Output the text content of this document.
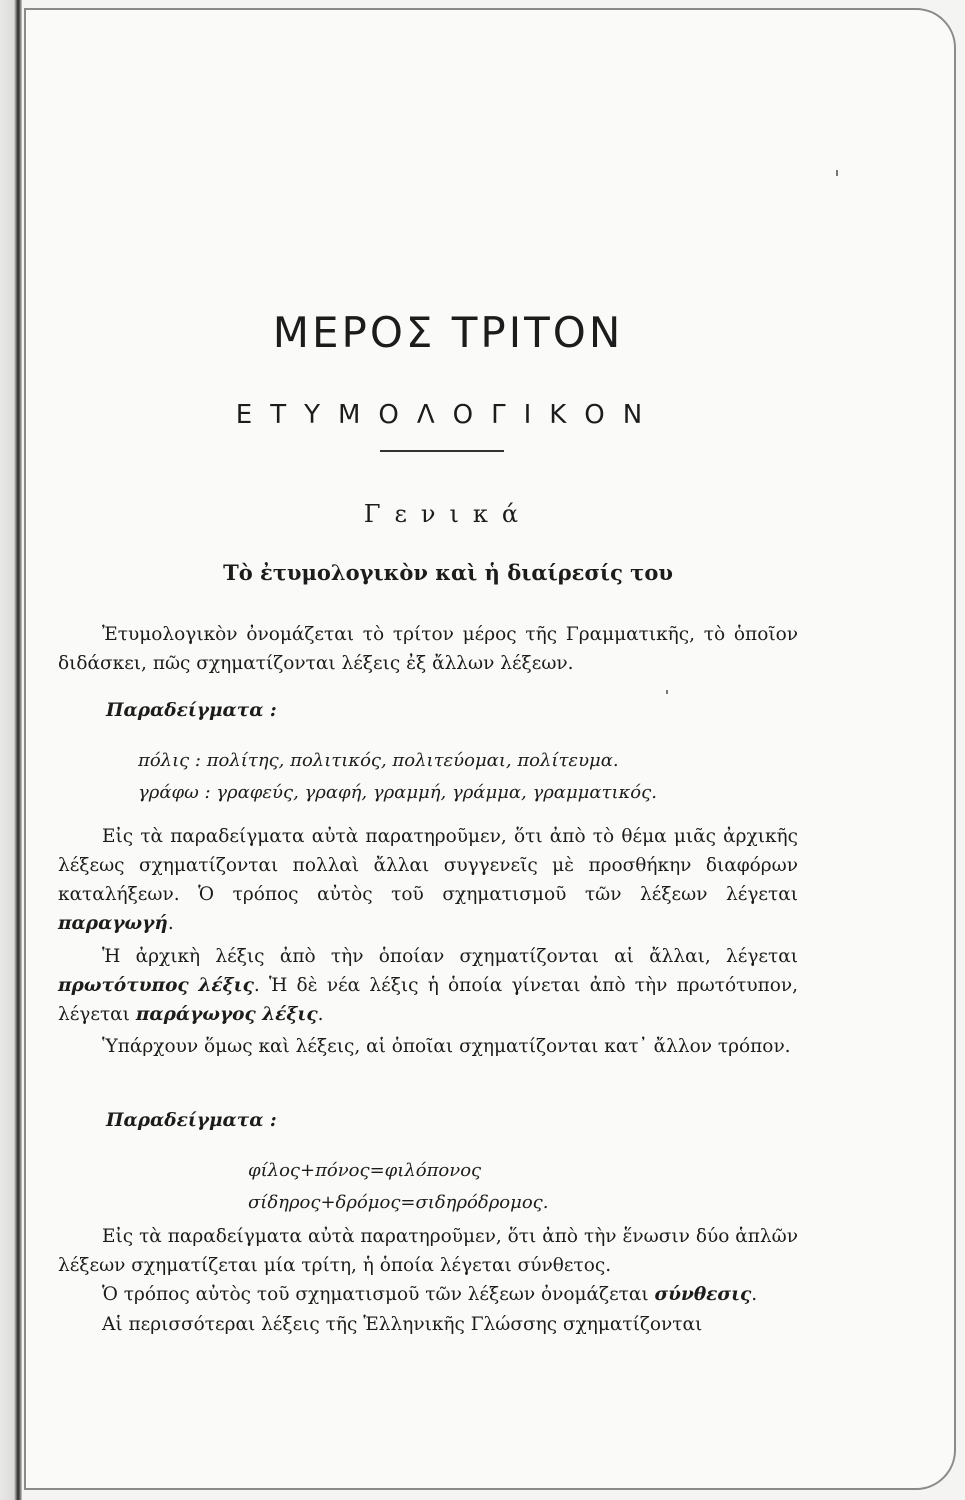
ΜΕΡΟΣ ΤΡΙΤΟΝ
ΕΤΥΜΟΛΟΓΙΚΟΝ
Γενικά
Τὸ ἐτυμολογικὸν καὶ ἡ διαίρεσίς του

Ἐτυμολογικὸν ὀνομάζεται τὸ τρίτον μέρος τῆς Γραμματικῆς, τὸ ὁποῖον διδάσκει, πῶς σχηματίζονται λέξεις ἐξ ἄλλων λέξεων.

Παραδείγματα :
πόλις : πολίτης, πολιτικός, πολιτεύομαι, πολίτευμα.
γράφω : γραφεύς, γραφή, γραμμή, γράμμα, γραμματικός.

Εἰς τὰ παραδείγματα αὐτὰ παρατηροῦμεν, ὅτι ἀπὸ τὸ θέμα μιᾶς ἀρχικῆς λέξεως σχηματίζονται πολλαὶ ἄλλαι συγγενεῖς μὲ προσθήκην διαφόρων καταλήξεων. Ὁ τρόπος αὐτὸς τοῦ σχηματισμοῦ τῶν λέξεων λέγεται παραγωγή.

Ἡ ἀρχικὴ λέξις ἀπὸ τὴν ὁποίαν σχηματίζονται αἱ ἄλλαι, λέγεται πρωτότυπος λέξις. Ἡ δὲ νέα λέξις ἡ ὁποία γίνεται ἀπὸ τὴν πρωτότυπον, λέγεται παράγωγος λέξις.

Ὑπάρχουν ὅμως καὶ λέξεις, αἱ ὁποῖαι σχηματίζονται κατ᾽ ἄλλον τρόπον.

Παραδείγματα :
φίλος+πόνος=φιλόπονος
σίδηρος+δρόμος=σιδηρόδρομος.

Εἰς τὰ παραδείγματα αὐτὰ παρατηροῦμεν, ὅτι ἀπὸ τὴν ἕνωσιν δύο ἁπλῶν λέξεων σχηματίζεται μία τρίτη, ἡ ὁποία λέγεται σύνθετος.

Ὁ τρόπος αὐτὸς τοῦ σχηματισμοῦ τῶν λέξεων ὀνομάζεται σύνθεσις.

Αἱ περισσότεραι λέξεις τῆς Ἑλληνικῆς Γλώσσης σχηματίζονται
